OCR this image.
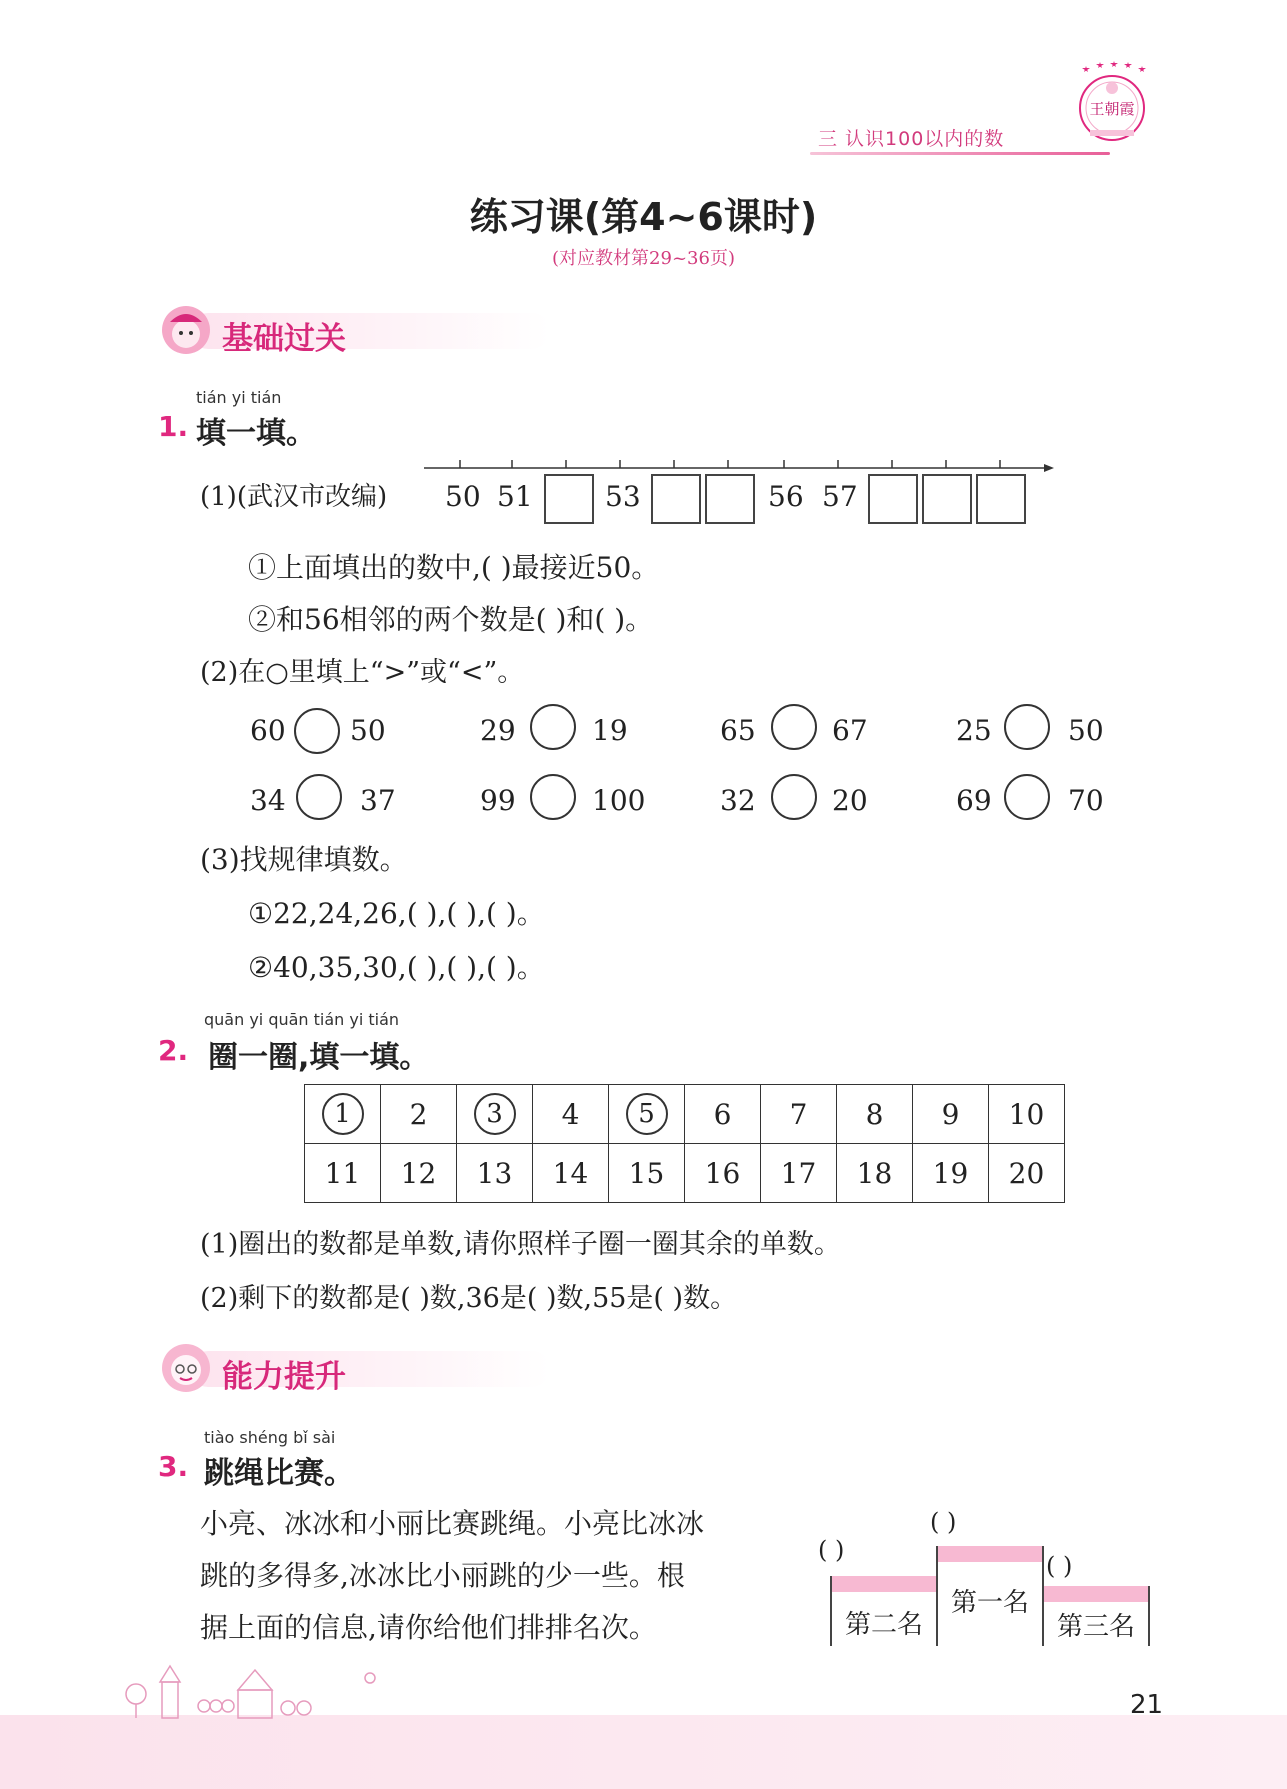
三 认识100以内的数
王朝霞
练习课(第4~6课时)
(对应教材第29~36页)
基础过关
tián yi tián
1. 填一填。
(1)(武汉市改编) 50 51	53	56 57
①上面填出的数中,( )最接近50。
②和56相邻的两个数是( )和( )。
(2)在○里填上“>”或“<”。
60 50	29	19	65	67	25	50
34	37	99	100	32	20	69	70
(3)找规律填数。
①22,24,26,( ),( ),( )。
②40,35,30,( ),( ),( )。
quān yi quān tián yi tián
2. 圈一圈,填一填。
1	2	3	4	5	6	7	8	9	10
11	12	13	14	15	16	17	18	19	20
(1)圈出的数都是单数,请你照样子圈一圈其余的单数。
(2)剩下的数都是( )数,36是( )数,55是( )数。
能力提升
tiào shéng bǐ sài
3. 跳绳比赛。
小亮、冰冰和小丽比赛跳绳。小亮比冰冰
跳的多得多,冰冰比小丽跳的少一些。根
据上面的信息,请你给他们排排名次。
( )
( )
( )
第二名
第一名
第三名
21
